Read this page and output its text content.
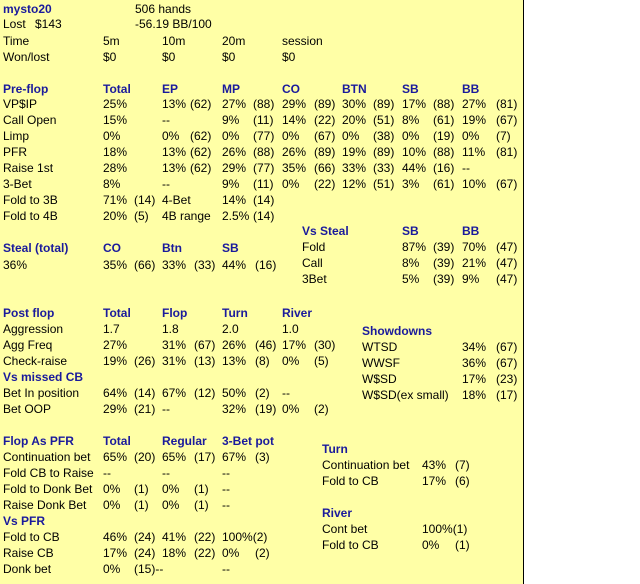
mysto20	506 hands
Lost $143	-56.19 BB/100
Time	5m	10m	20m	session
Won/lost	$0	$0	$0	$0
Pre-flop	Total	EP	MP	CO	BTN	SB	BB
VP$IP	25%	13% (62) 27% (88) 29% (89) 30% (89) 17% (88) 27% (81)
Call Open	15%	--	9% (11) 14% (22) 20% (51) 8% (61) 19% (67)
Limp	0%	0% (62) 0% (77) 0% (67) 0% (38) 0% (19) 0% (7)
PFR	18%	13% (62) 26% (88) 26% (89) 19% (89) 10% (88) 11% (81)
Raise 1st	28%	13% (62) 29% (77) 35% (66) 33% (33) 44% (16) --
3-Bet	8%	--	9% (11) 0% (22) 12% (51) 3% (61) 10% (67)
Fold to 3B	71% (14) 4-Bet	14% (14)
Fold to 4B	20% (5) 4B range 2.5% (14)
Steal (total)	CO	Btn	SB
36%	35% (66) 33% (33) 44% (16)
Vs Steal	SB	BB
Fold	87% (39) 70% (47)
Call	8% (39) 21% (47)
3Bet	5% (39) 9% (47)
Post flop	Total	Flop	Turn	River
Aggression	1.7	1.8	2.0	1.0
Agg Freq	27%	31% (67) 26% (46) 17% (30)
Check-raise	19% (26) 31% (13) 13% (8) 0% (5)
Vs missed CB
Bet In position 64% (14) 67% (12) 50% (2) --
Bet OOP	29% (21) --	32% (19) 0% (2)
Showdowns
WTSD	34% (67)
WWSF	36% (67)
W$SD	17% (23)
W$SD(ex small) 18% (17)
Flop As PFR Total	Regular 3-Bet pot
Continuation bet 65% (20) 65% (17) 67% (3)
Fold CB to Raise --	--	--
Fold to Donk Bet 0% (1) 0% (1) --
Raise Donk Bet 0% (1) 0% (1) --
Vs PFR
Fold to CB	46% (24) 41% (22) 100%(2)
Raise CB	17% (24) 18% (22) 0% (2)
Donk bet	0% (15)--	--
Turn
Continuation bet 43% (7)
Fold to CB	17% (6)
River
Cont bet	100%(1)
Fold to CB	0% (1)
